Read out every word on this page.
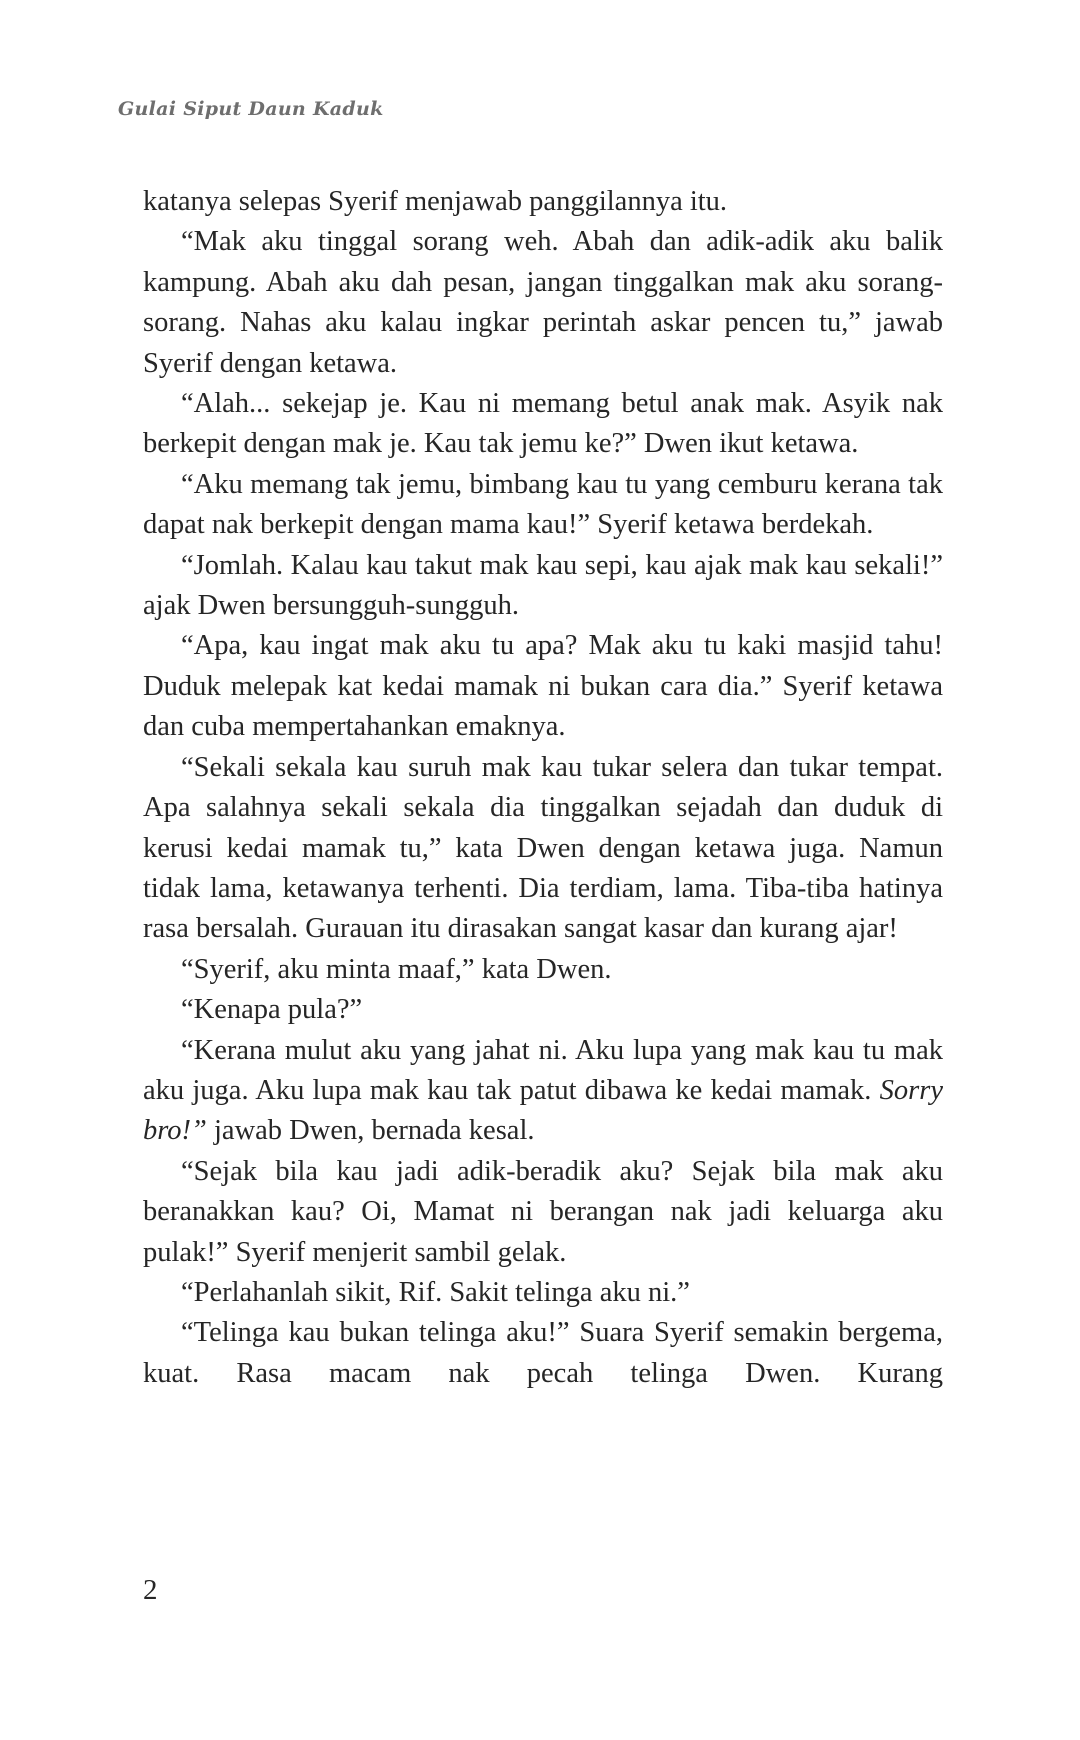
Gulai Siput Daun Kaduk

katanya selepas Syerif menjawab panggilannya itu.

“Mak aku tinggal sorang weh. Abah dan adik-adik aku balik kampung. Abah aku dah pesan, jangan tinggalkan mak aku sorang-sorang. Nahas aku kalau ingkar perintah askar pencen tu,” jawab Syerif dengan ketawa.

“Alah... sekejap je. Kau ni memang betul anak mak. Asyik nak berkepit dengan mak je. Kau tak jemu ke?” Dwen ikut ketawa.

“Aku memang tak jemu, bimbang kau tu yang cemburu kerana tak dapat nak berkepit dengan mama kau!” Syerif ketawa berdekah.

“Jomlah. Kalau kau takut mak kau sepi, kau ajak mak kau sekali!” ajak Dwen bersungguh-sungguh.

“Apa, kau ingat mak aku tu apa? Mak aku tu kaki masjid tahu! Duduk melepak kat kedai mamak ni bukan cara dia.” Syerif ketawa dan cuba mempertahankan emaknya.

“Sekali sekala kau suruh mak kau tukar selera dan tukar tempat. Apa salahnya sekali sekala dia tinggalkan sejadah dan duduk di kerusi kedai mamak tu,” kata Dwen dengan ketawa juga. Namun tidak lama, ketawanya terhenti. Dia terdiam, lama. Tiba-tiba hatinya rasa bersalah. Gurauan itu dirasakan sangat kasar dan kurang ajar!

“Syerif, aku minta maaf,” kata Dwen.

“Kenapa pula?”

“Kerana mulut aku yang jahat ni. Aku lupa yang mak kau tu mak aku juga. Aku lupa mak kau tak patut dibawa ke kedai mamak. Sorry bro!” jawab Dwen, bernada kesal.

“Sejak bila kau jadi adik-beradik aku? Sejak bila mak aku beranakkan kau? Oi, Mamat ni berangan nak jadi keluarga aku pulak!” Syerif menjerit sambil gelak.

“Perlahanlah sikit, Rif. Sakit telinga aku ni.”

“Telinga kau bukan telinga aku!” Suara Syerif semakin bergema, kuat. Rasa macam nak pecah telinga Dwen. Kurang

2
